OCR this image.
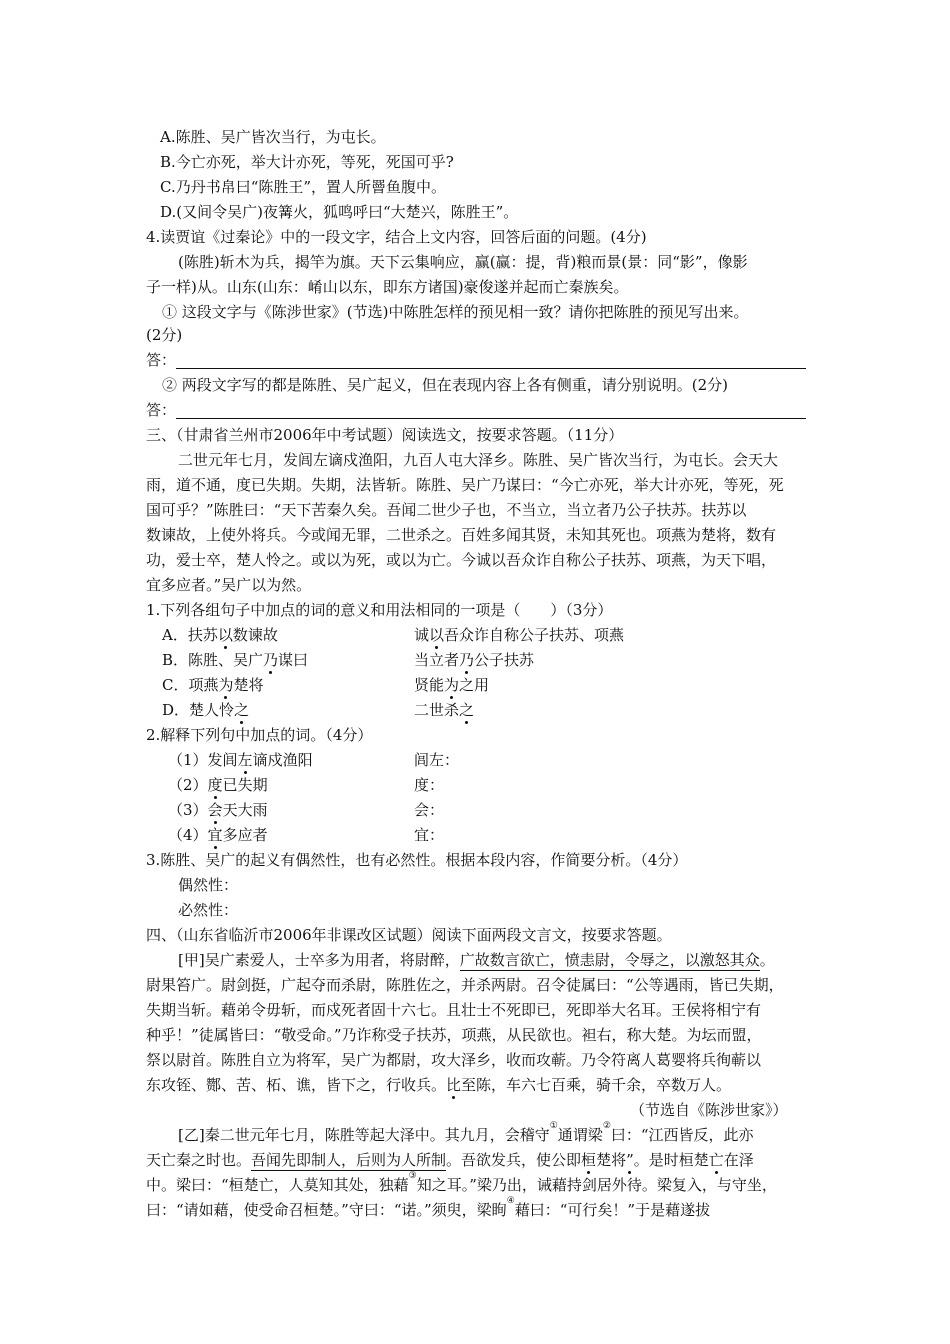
A.陈胜、吴广皆次当行，为屯长。
B.今亡亦死，举大计亦死，等死，死国可乎?
C.乃丹书帛曰“陈胜王”，置人所罾鱼腹中。
D.(又间令吴广)夜篝火，狐鸣呼曰“大楚兴，陈胜王”。
4.读贾谊《过秦论》中的一段文字，结合上文内容，回答后面的问题。(4分)
(陈胜)斩木为兵，揭竿为旗。天下云集响应，赢(赢：提，背)粮而景(景：同“影”，像影
子一样)从。山东(山东：崤山以东，即东方诸国)豪俊遂并起而亡秦族矣。
① 这段文字与《陈涉世家》(节选)中陈胜怎样的预见相一致？请你把陈胜的预见写出来。
(2分)
答：
② 两段文字写的都是陈胜、吴广起义，但在表现内容上各有侧重，请分别说明。(2分)
答：
三、（甘肃省兰州市2006年中考试题）阅读选文，按要求答题。（11分）
二世元年七月，发闾左谪戍渔阳，九百人屯大泽乡。陈胜、吴广皆次当行，为屯长。会天大
雨，道不通，度已失期。失期，法皆斩。陈胜、吴广乃谋曰：“今亡亦死，举大计亦死，等死，死
国可乎？”陈胜曰：“天下苦秦久矣。吾闻二世少子也，不当立，当立者乃公子扶苏。扶苏以
数谏故，上使外将兵。今或闻无罪，二世杀之。百姓多闻其贤，未知其死也。项燕为楚将，数有
功，爱士卒，楚人怜之。或以为死，或以为亡。今诚以吾众诈自称公子扶苏、项燕，为天下唱，
宜多应者。”吴广以为然。
1.下列各组句子中加点的词的意义和用法相同的一项是（　　）（3分）
A．扶苏以数谏故	诚以吾众诈自称公子扶苏、项燕
B．陈胜、吴广乃谋曰	当立者乃公子扶苏
C．项燕为楚将	贤能为之用
D．楚人怜之	二世杀之
2.解释下列句中加点的词。（4分）
（1）发闾左谪戍渔阳	闾左：
（2）度已失期	度：
（3）会天大雨	会：
（4）宜多应者	宜：
3.陈胜、吴广的起义有偶然性，也有必然性。根据本段内容，作简要分析。（4分）
偶然性：
必然性：
四、（山东省临沂市2006年非课改区试题）阅读下面两段文言文，按要求答题。
[甲]吴广素爱人，士卒多为用者，将尉醉，广故数言欲亡，愤恚尉，令辱之，以激怒其众。
尉果笞广。尉剑挺，广起夺而杀尉，陈胜佐之，并杀两尉。召令徒属曰：“公等遇雨，皆已失期，
失期当斩。藉弟令毋斩，而戍死者固十六七。且壮士不死即已，死即举大名耳。王侯将相宁有
种乎！”徒属皆曰：“敬受命。”乃诈称受子扶苏，项燕，从民欲也。袒右，称大楚。为坛而盟，
祭以尉首。陈胜自立为将军，吴广为都尉，攻大泽乡，收而攻蕲。乃令符离人葛婴将兵徇蕲以
东攻铚、酂、苦、柘、谯，皆下之，行收兵。比至陈，车六七百乘，骑千余，卒数万人。
（节选自《陈涉世家》）
[乙]秦二世元年七月，陈胜等起大泽中。其九月，会稽守①通谓梁②曰：“江西皆反，此亦
天亡秦之时也。吾闻先即制人，后则为人所制。吾欲发兵，使公即桓楚将”。是时桓楚亡在泽
中。梁曰：“桓楚亡，人莫知其处，独藉③知之耳。”梁乃出，诫藉持剑居外待。梁复入，与守坐，
曰：“请如藉，使受命召桓楚。”守曰：“诺。”须臾，梁眴④藉曰：“可行矣！”于是藉遂拔
